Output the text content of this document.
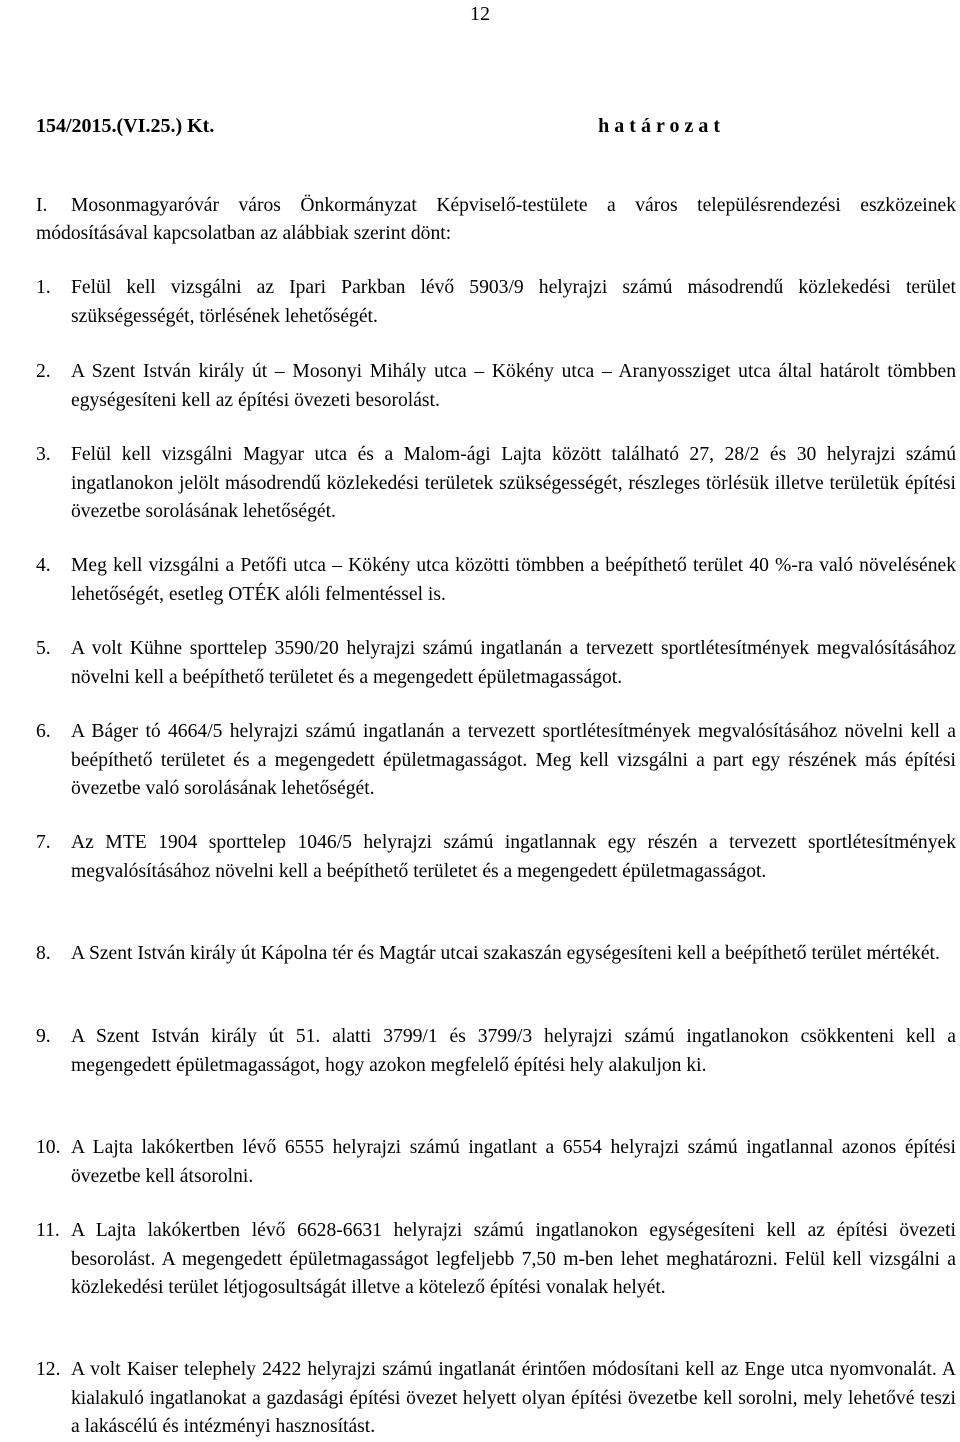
12
154/2015.(VI.25.) Kt.	h a t á r o z a t
I. Mosonmagyaróvár város Önkormányzat Képviselő-testülete a város településrendezési eszközeinek módosításával kapcsolatban az alábbiak szerint dönt:
1.	Felül kell vizsgálni az Ipari Parkban lévő 5903/9 helyrajzi számú másodrendű közlekedési terület szükségességét, törlésének lehetőségét.
2.	A Szent István király út – Mosonyi Mihály utca – Kökény utca – Aranyossziget utca által határolt tömbben egységesíteni kell az építési övezeti besorolást.
3.	Felül kell vizsgálni Magyar utca és a Malom-ági Lajta között található 27, 28/2 és 30 helyrajzi számú ingatlanokon jelölt másodrendű közlekedési területek szükségességét, részleges törlésük illetve területük építési övezetbe sorolásának lehetőségét.
4.	Meg kell vizsgálni a Petőfi utca – Kökény utca közötti tömbben a beépíthető terület 40 %-ra való növelésének lehetőségét, esetleg OTÉK alóli felmentéssel is.
5.	A volt Kühne sporttelep 3590/20 helyrajzi számú ingatlanán a tervezett sportlétesítmények megvalósításához növelni kell a beépíthető területet és a megengedett épületmagasságot.
6.	A Báger tó 4664/5 helyrajzi számú ingatlanán a tervezett sportlétesítmények megvalósításához növelni kell a beépíthető területet és a megengedett épületmagasságot. Meg kell vizsgálni a part egy részének más építési övezetbe való sorolásának lehetőségét.
7.	Az MTE 1904 sporttelep 1046/5 helyrajzi számú ingatlannak egy részén a tervezett sportlétesítmények megvalósításához növelni kell a beépíthető területet és a megengedett épületmagasságot.
8.	A Szent István király út Kápolna tér és Magtár utcai szakaszán egységesíteni kell a beépíthető terület mértékét.
9.	A Szent István király út 51. alatti 3799/1 és 3799/3 helyrajzi számú ingatlanokon csökkenteni kell a megengedett épületmagasságot, hogy azokon megfelelő építési hely alakuljon ki.
10. A Lajta lakókertben lévő 6555 helyrajzi számú ingatlant a 6554 helyrajzi számú ingatlannal azonos építési övezetbe kell átsorolni.
11. A Lajta lakókertben lévő 6628-6631 helyrajzi számú ingatlanokon egységesíteni kell az építési övezeti besorolást. A megengedett épületmagasságot legfeljebb 7,50 m-ben lehet meghatározni. Felül kell vizsgálni a közlekedési terület létjogosultságát illetve a kötelező építési vonalak helyét.
12. A volt Kaiser telephely 2422 helyrajzi számú ingatlanát érintően módosítani kell az Enge utca nyomvonalát. A kialakuló ingatlanokat a gazdasági építési övezet helyett olyan építési övezetbe kell sorolni, mely lehetővé teszi a lakáscélú és intézményi hasznosítást.
